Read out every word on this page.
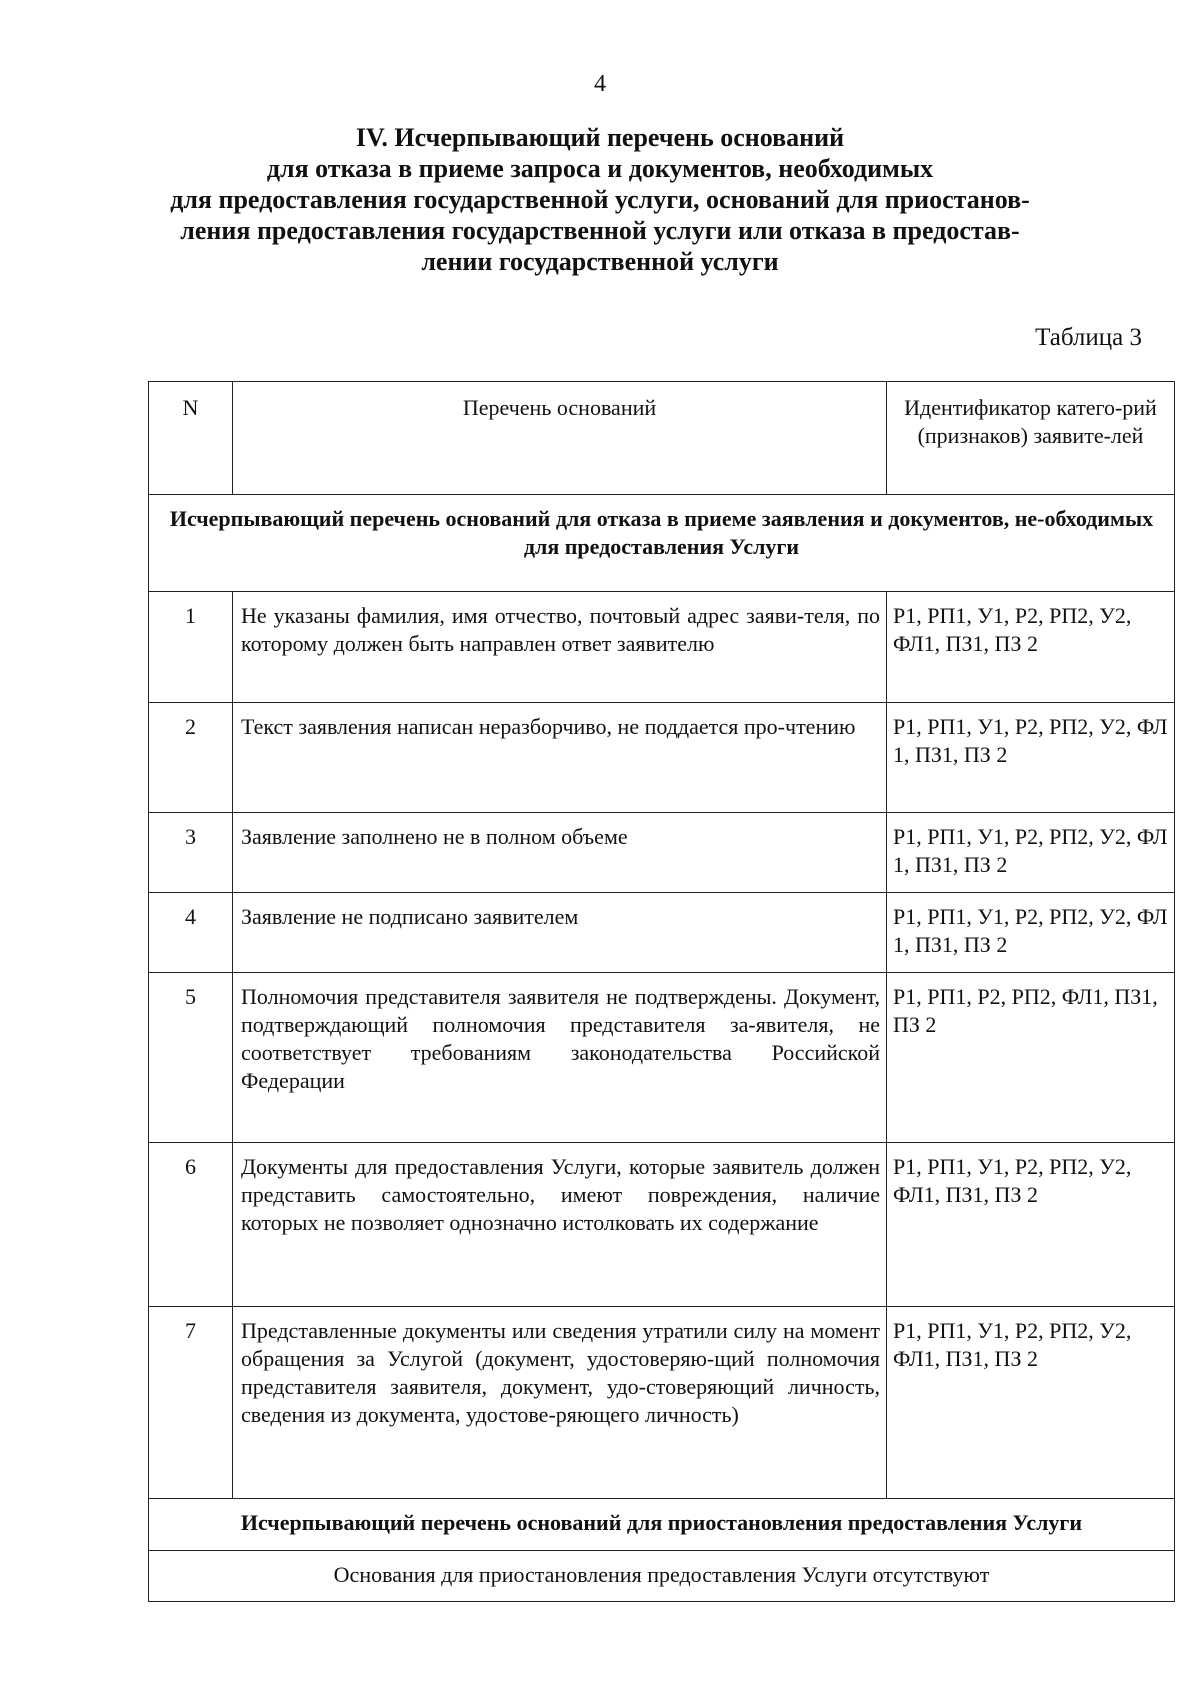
4
IV. Исчерпывающий перечень оснований
для отказа в приеме запроса и документов, необходимых
для предоставления государственной услуги, оснований для приостанов-
ления предоставления государственной услуги или отказа в предостав-
лении государственной услуги
Таблица 3
N	Перечень оснований	Идентификатор катего-рий (признаков) заявите-лей
Исчерпывающий перечень оснований для отказа в приеме заявления и документов, не-обходимых для предоставления Услуги		
1	Не указаны фамилия, имя отчество, почтовый адрес заяви-теля, по которому должен быть направлен ответ заявителю	Р1, РП1, У1, Р2, РП2, У2, ФЛ1, ПЗ1, ПЗ 2
2	Текст заявления написан неразборчиво, не поддается про-чтению	Р1, РП1, У1, Р2, РП2, У2, ФЛ 1, ПЗ1, ПЗ 2
3	Заявление заполнено не в полном объеме	Р1, РП1, У1, Р2, РП2, У2, ФЛ 1, ПЗ1, ПЗ 2
4	Заявление не подписано заявителем	Р1, РП1, У1, Р2, РП2, У2, ФЛ 1, ПЗ1, ПЗ 2
5	Полномочия представителя заявителя не подтверждены. Документ, подтверждающий полномочия представителя за-явителя, не соответствует требованиям законодательства Российской Федерации	Р1, РП1, Р2, РП2, ФЛ1, ПЗ1, ПЗ 2
6	Документы для предоставления Услуги, которые заявитель должен представить самостоятельно, имеют повреждения, наличие которых не позволяет однозначно истолковать их содержание	Р1, РП1, У1, Р2, РП2, У2, ФЛ1, ПЗ1, ПЗ 2
7	Представленные документы или сведения утратили силу на момент обращения за Услугой (документ, удостоверяю-щий полномочия представителя заявителя, документ, удо-стоверяющий личность, сведения из документа, удостове-ряющего личность)	Р1, РП1, У1, Р2, РП2, У2, ФЛ1, ПЗ1, ПЗ 2
Исчерпывающий перечень оснований для приостановления предоставления Услуги		
Основания для приостановления предоставления Услуги отсутствуют		
